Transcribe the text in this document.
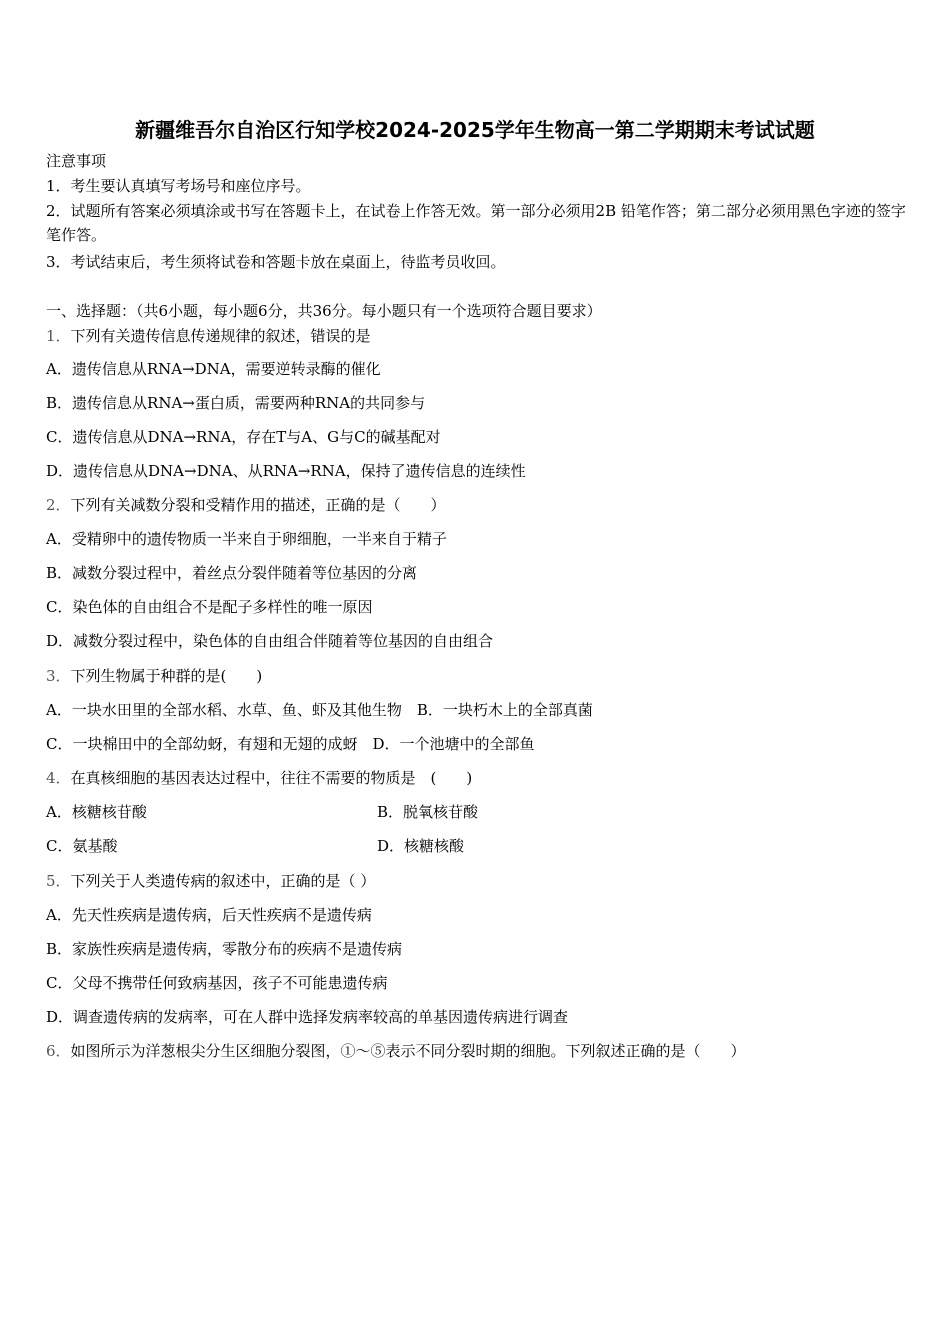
新疆维吾尔自治区行知学校2024-2025学年生物高一第二学期期末考试试题
注意事项
1．考生要认真填写考场号和座位序号。
2．试题所有答案必须填涂或书写在答题卡上，在试卷上作答无效。第一部分必须用2B 铅笔作答；第二部分必须用黑色字迹的签字笔作答。
3．考试结束后，考生须将试卷和答题卡放在桌面上，待监考员收回。
一、选择题：（共6小题，每小题6分，共36分。每小题只有一个选项符合题目要求）
1．下列有关遗传信息传递规律的叙述，错误的是
A．遗传信息从RNA→DNA，需要逆转录酶的催化
B．遗传信息从RNA→蛋白质，需要两种RNA的共同参与
C．遗传信息从DNA→RNA，存在T与A、G与C的碱基配对
D．遗传信息从DNA→DNA、从RNA→RNA，保持了遗传信息的连续性
2．下列有关减数分裂和受精作用的描述，正确的是（　　）
A．受精卵中的遗传物质一半来自于卵细胞，一半来自于精子
B．减数分裂过程中，着丝点分裂伴随着等位基因的分离
C．染色体的自由组合不是配子多样性的唯一原因
D．减数分裂过程中，染色体的自由组合伴随着等位基因的自由组合
3．下列生物属于种群的是(　　)
A．一块水田里的全部水稻、水草、鱼、虾及其他生物　B．一块朽木上的全部真菌
C．一块棉田中的全部幼蚜，有翅和无翅的成蚜　D．一个池塘中的全部鱼
4．在真核细胞的基因表达过程中，往往不需要的物质是　(　　)
A．核糖核苷酸	B．脱氧核苷酸
C．氨基酸	D．核糖核酸
5．下列关于人类遗传病的叙述中，正确的是（ ）
A．先天性疾病是遗传病，后天性疾病不是遗传病
B．家族性疾病是遗传病，零散分布的疾病不是遗传病
C．父母不携带任何致病基因，孩子不可能患遗传病
D．调查遗传病的发病率，可在人群中选择发病率较高的单基因遗传病进行调查
6．如图所示为洋葱根尖分生区细胞分裂图，①～⑤表示不同分裂时期的细胞。下列叙述正确的是（　　）
